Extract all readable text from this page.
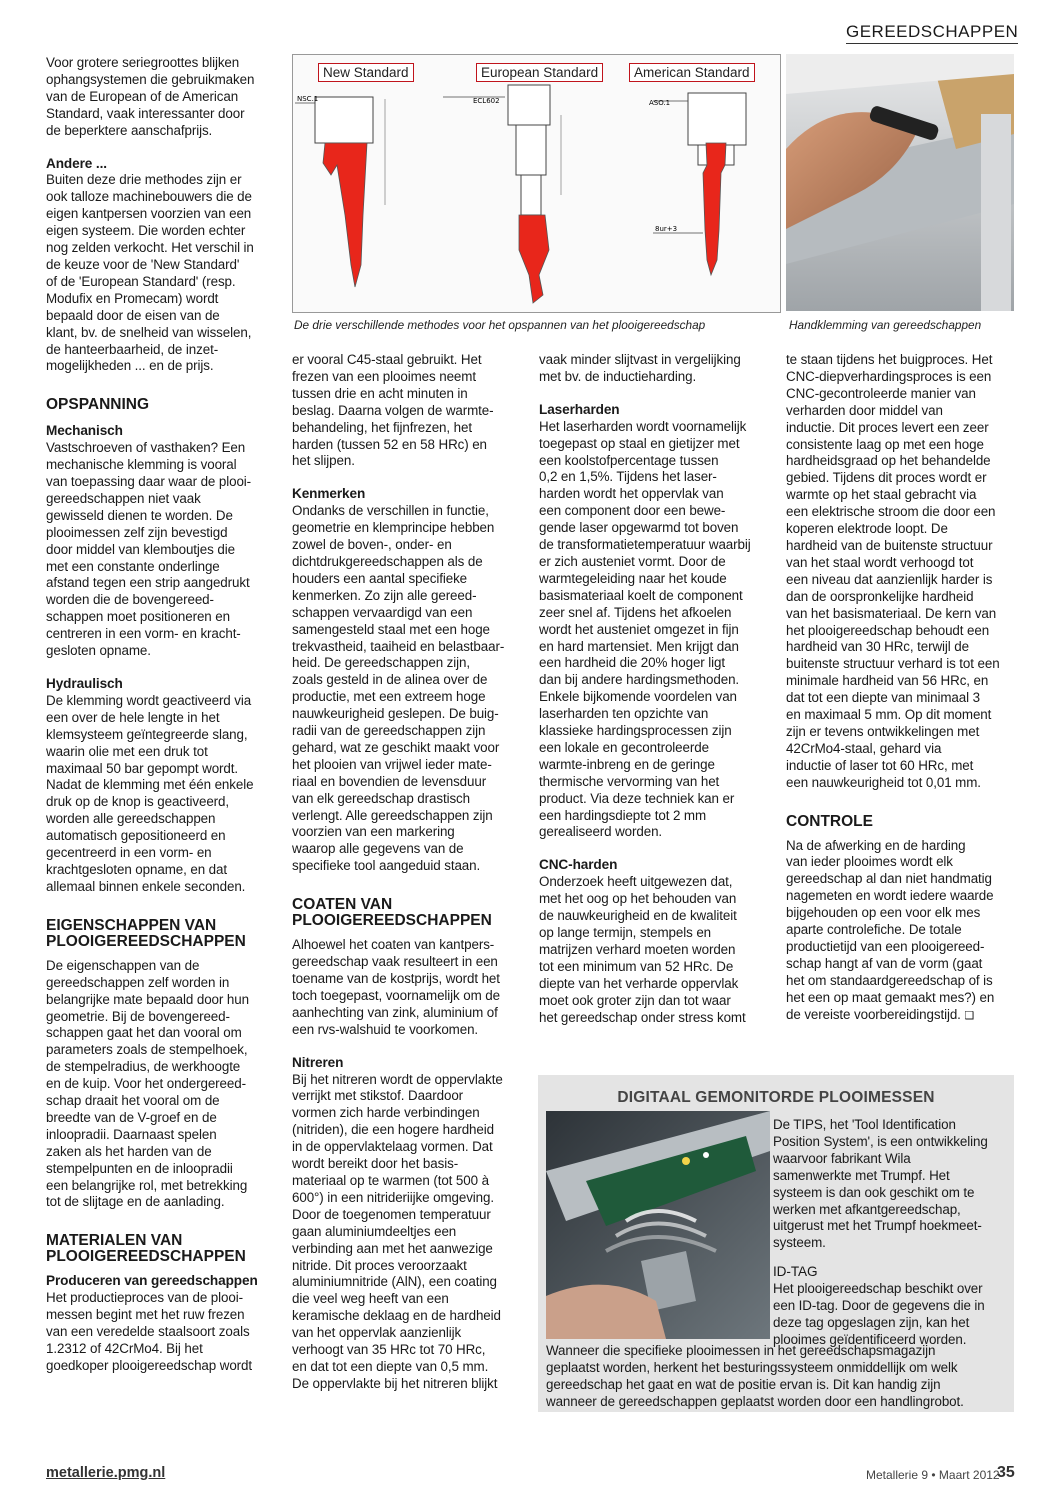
GEREEDSCHAPPEN
NSC.1	ECL602	ASO.1
8ur+3
New Standard	European Standard	American Standard
De drie verschillende methodes voor het opspannen van het plooigereedschap	Handklemming van gereedschappen

Voor grotere seriegroottes blijken
ophangsystemen die gebruikmaken
van de European of de American
Standard, vaak interessanter door
de beperktere aanschafprijs.

Andere ...

Buiten deze drie methodes zijn er
ook talloze machinebouwers die de
eigen kantpersen voorzien van een
eigen systeem. Die worden echter
nog zelden verkocht. Het verschil in
de keuze voor de 'New Standard'
of de 'European Standard' (resp.
Modufix en Promecam) wordt
bepaald door de eisen van de
klant, bv. de snelheid van wisselen,
de hanteerbaarheid, de inzet-
mogelijkheden ... en de prijs.

OPSPANNING

Mechanisch

Vastschroeven of vasthaken? Een
mechanische klemming is vooral
van toepassing daar waar de plooi-
gereedschappen niet vaak
gewisseld dienen te worden. De
plooimessen zelf zijn bevestigd
door middel van klemboutjes die
met een constante onderlinge
afstand tegen een strip aangedrukt
worden die de bovengereed-
schappen moet positioneren en
centreren in een vorm- en kracht-
gesloten opname.

Hydraulisch

De klemming wordt geactiveerd via
een over de hele lengte in het
klemsysteem geïntegreerde slang,
waarin olie met een druk tot
maximaal 50 bar gepompt wordt.
Nadat de klemming met één enkele
druk op de knop is geactiveerd,
worden alle gereedschappen
automatisch gepositioneerd en
gecentreerd in een vorm- en
krachtgesloten opname, en dat
allemaal binnen enkele seconden.

EIGENSCHAPPEN VAN
PLOOIGEREEDSCHAPPEN

De eigenschappen van de
gereedschappen zelf worden in
belangrijke mate bepaald door hun
geometrie. Bij de bovengereed-
schappen gaat het dan vooral om
parameters zoals de stempelhoek,
de stempelradius, de werkhoogte
en de kuip. Voor het ondergereed-
schap draait het vooral om de
breedte van de V-groef en de
inloopradii. Daarnaast spelen
zaken als het harden van de
stempelpunten en de inloopradii
een belangrijke rol, met betrekking
tot de slijtage en de aanlading.

MATERIALEN VAN
PLOOIGEREEDSCHAPPEN

Produceren van gereedschappen

Het productieproces van de plooi-
messen begint met het ruw frezen
van een veredelde staalsoort zoals
1.2312 of 42CrMo4. Bij het
goedkoper plooigereedschap wordt

er vooral C45-staal gebruikt. Het
frezen van een plooimes neemt
tussen drie en acht minuten in
beslag. Daarna volgen de warmte-
behandeling, het fijnfrezen, het
harden (tussen 52 en 58 HRc) en
het slijpen.

Kenmerken

Ondanks de verschillen in functie,
geometrie en klemprincipe hebben
zowel de boven-, onder- en
dichtdrukgereedschappen als de
houders een aantal specifieke
kenmerken. Zo zijn alle gereed-
schappen vervaardigd van een
samengesteld staal met een hoge
trekvastheid, taaiheid en belastbaar-
heid. De gereedschappen zijn,
zoals gesteld in de alinea over de
productie, met een extreem hoge
nauwkeurigheid geslepen. De buig-
radii van de gereedschappen zijn
gehard, wat ze geschikt maakt voor
het plooien van vrijwel ieder mate-
riaal en bovendien de levensduur
van elk gereedschap drastisch
verlengt. Alle gereedschappen zijn
voorzien van een markering
waarop alle gegevens van de
specifieke tool aangeduid staan.

COATEN VAN
PLOOIGEREEDSCHAPPEN

Alhoewel het coaten van kantpers-
gereedschap vaak resulteert in een
toename van de kostprijs, wordt het
toch toegepast, voornamelijk om de
aanhechting van zink, aluminium of
een rvs-walshuid te voorkomen.

Nitreren

Bij het nitreren wordt de oppervlakte
verrijkt met stikstof. Daardoor
vormen zich harde verbindingen
(nitriden), die een hogere hardheid
in de oppervlaktelaag vormen. Dat
wordt bereikt door het basis-
materiaal op te warmen (tot 500 à
600°) in een nitrideriijke omgeving.
Door de toegenomen temperatuur
gaan aluminiumdeeltjes een
verbinding aan met het aanwezige
nitride. Dit proces veroorzaakt
aluminiumnitride (AlN), een coating
die veel weg heeft van een
keramische deklaag en de hardheid
van het oppervlak aanzienlijk
verhoogt van 35 HRc tot 70 HRc,
en dat tot een diepte van 0,5 mm.
De oppervlakte bij het nitreren blijkt

vaak minder slijtvast in vergelijking
met bv. de inductieharding.

Laserharden

Het laserharden wordt voornamelijk
toegepast op staal en gietijzer met
een koolstofpercentage tussen
0,2 en 1,5%. Tijdens het laser-
harden wordt het oppervlak van
een component door een bewe-
gende laser opgewarmd tot boven
de transformatietemperatuur waarbij
er zich austeniet vormt. Door de
warmtegeleiding naar het koude
basismateriaal koelt de component
zeer snel af. Tijdens het afkoelen
wordt het austeniet omgezet in fijn
en hard martensiet. Men krijgt dan
een hardheid die 20% hoger ligt
dan bij andere hardingsmethoden.
Enkele bijkomende voordelen van
laserharden ten opzichte van
klassieke hardingsprocessen zijn
een lokale en gecontroleerde
warmte-inbreng en de geringe
thermische vervorming van het
product. Via deze techniek kan er
een hardingsdiepte tot 2 mm
gerealiseerd worden.

CNC-harden

Onderzoek heeft uitgewezen dat,
met het oog op het behouden van
de nauwkeurigheid en de kwaliteit
op lange termijn, stempels en
matrijzen verhard moeten worden
tot een minimum van 52 HRc. De
diepte van het verharde oppervlak
moet ook groter zijn dan tot waar
het gereedschap onder stress komt

te staan tijdens het buigproces. Het
CNC-diepverhardingsproces is een
CNC-gecontroleerde manier van
verharden door middel van
inductie. Dit proces levert een zeer
consistente laag op met een hoge
hardheidsgraad op het behandelde
gebied. Tijdens dit proces wordt er
warmte op het staal gebracht via
een elektrische stroom die door een
koperen elektrode loopt. De
hardheid van de buitenste structuur
van het staal wordt verhoogd tot
een niveau dat aanzienlijk harder is
dan de oorspronkelijke hardheid
van het basismateriaal. De kern van
het plooigereedschap behoudt een
hardheid van 30 HRc, terwijl de
buitenste structuur verhard is tot een
minimale hardheid van 56 HRc, en
dat tot een diepte van minimaal 3
en maximaal 5 mm. Op dit moment
zijn er tevens ontwikkelingen met
42CrMo4-staal, gehard via
inductie of laser tot 60 HRc, met
een nauwkeurigheid tot 0,01 mm.

CONTROLE

Na de afwerking en de harding
van ieder plooimes wordt elk
gereedschap al dan niet handmatig
nagemeten en wordt iedere waarde
bijgehouden op een voor elk mes
aparte controlefiche. De totale
productietijd van een plooigereed-
schap hangt af van de vorm (gaat
het om standaardgereedschap of is
het een op maat gemaakt mes?) en
de vereiste voorbereidingstijd. ❑

DIGITAAL GEMONITORDE PLOOIMESSEN

De TIPS, het 'Tool Identification
Position System', is een ontwikkeling
waarvoor fabrikant Wila
samenwerkte met Trumpf. Het
systeem is dan ook geschikt om te
werken met afkantgereedschap,
uitgerust met het Trumpf hoekmeet-
systeem.

ID-TAG

Het plooigereedschap beschikt over
een ID-tag. Door de gegevens die in
deze tag opgeslagen zijn, kan het
plooimes geïdentificeerd worden.

Wanneer die specifieke plooimessen in het gereedschapsmagazijn
geplaatst worden, herkent het besturingssysteem onmiddellijk om welk
gereedschap het gaat en wat de positie ervan is. Dit kan handig zijn
wanneer de gereedschappen geplaatst worden door een handlingrobot.

metallerie.pmg.nl	Metallerie 9 • Maart 2012
35
